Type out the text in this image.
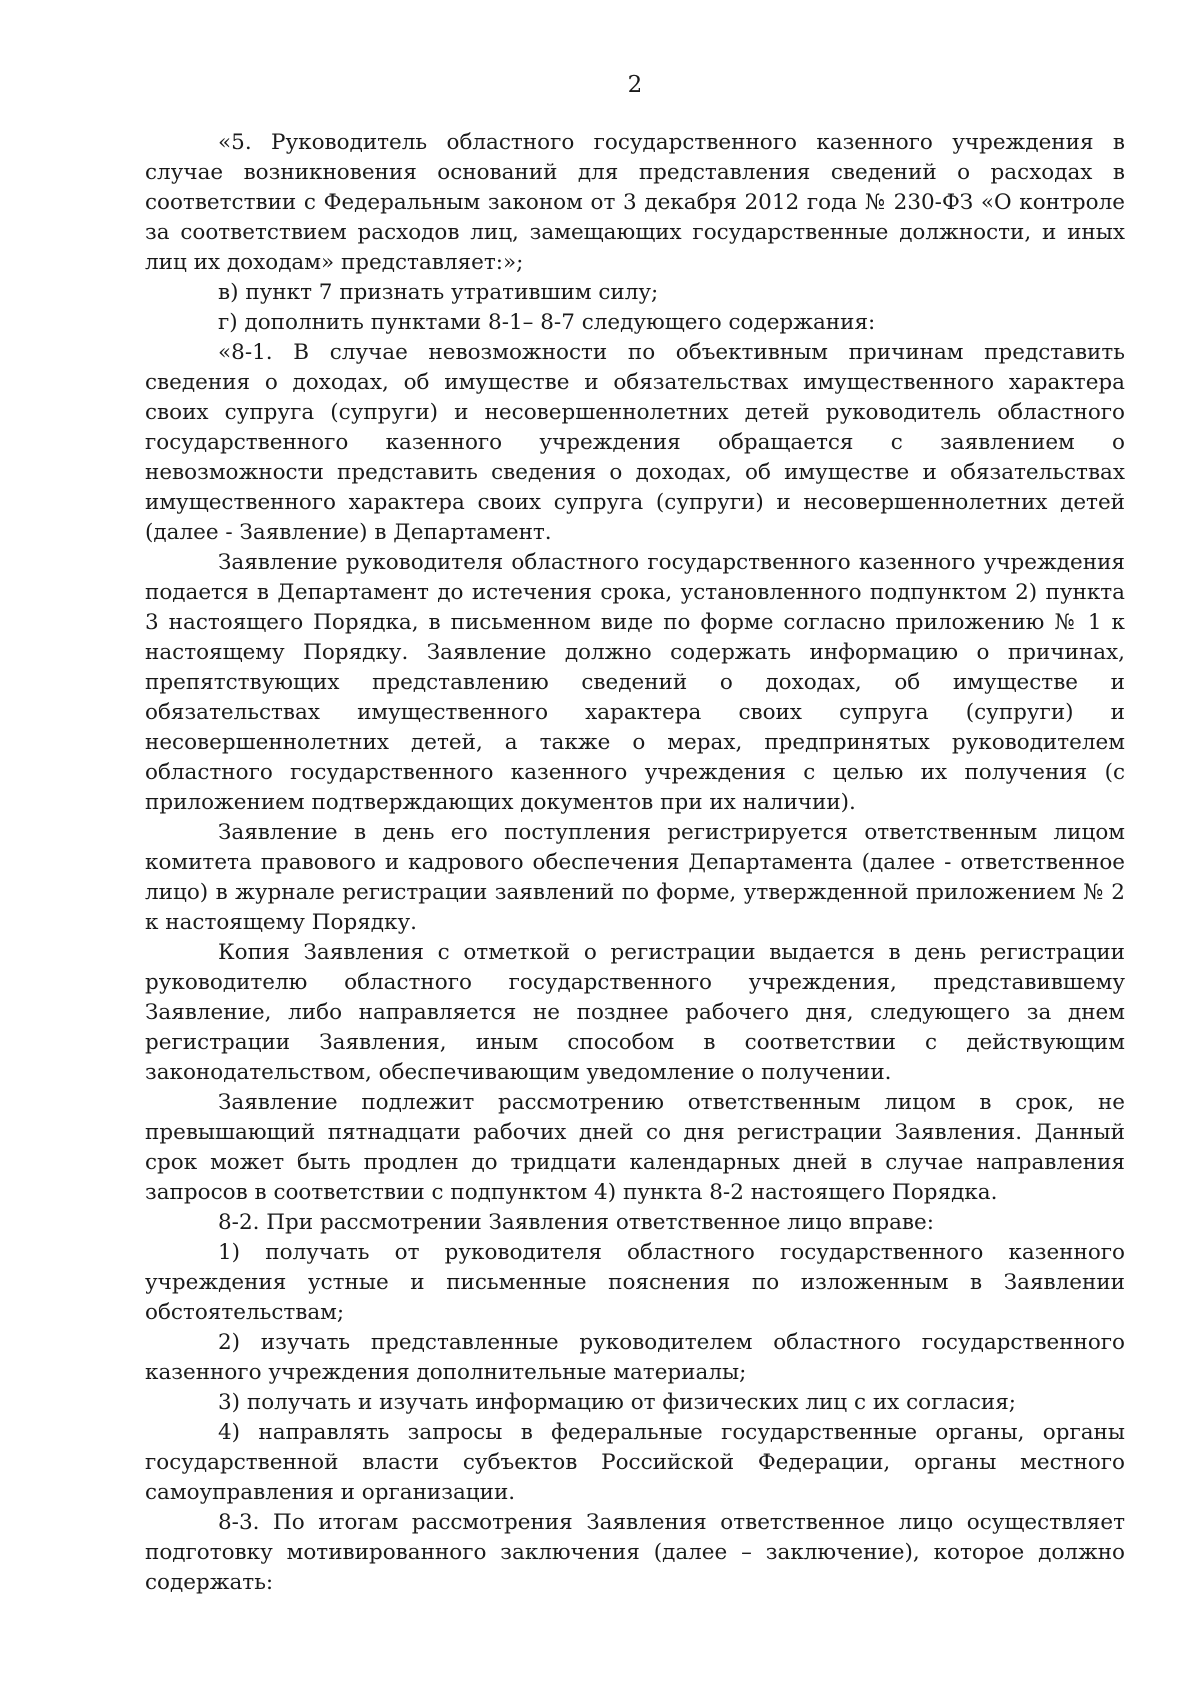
2

«5. Руководитель областного государственного казенного учреждения в случае возникновения оснований для представления сведений о расходах в соответствии с Федеральным законом от 3 декабря 2012 года № 230-ФЗ «О контроле за соответствием расходов лиц, замещающих государственные должности, и иных лиц их доходам» представляет:»;

в) пункт 7 признать утратившим силу;

г) дополнить пунктами 8-1– 8-7 следующего содержания:

«8-1. В случае невозможности по объективным причинам представить сведения о доходах, об имуществе и обязательствах имущественного характера своих супруга (супруги) и несовершеннолетних детей руководитель областного государственного казенного учреждения обращается с заявлением о невозможности представить сведения о доходах, об имуществе и обязательствах имущественного характера своих супруга (супруги) и несовершеннолетних детей (далее - Заявление) в Департамент.

Заявление руководителя областного государственного казенного учреждения подается в Департамент до истечения срока, установленного подпунктом 2) пункта 3 настоящего Порядка, в письменном виде по форме согласно приложению № 1 к настоящему Порядку. Заявление должно содержать информацию о причинах, препятствующих представлению сведений о доходах, об имуществе и обязательствах имущественного характера своих супруга (супруги) и несовершеннолетних детей, а также о мерах, предпринятых руководителем областного государственного казенного учреждения с целью их получения (с приложением подтверждающих документов при их наличии).

Заявление в день его поступления регистрируется ответственным лицом комитета правового и кадрового обеспечения Департамента (далее - ответственное лицо) в журнале регистрации заявлений по форме, утвержденной приложением № 2 к настоящему Порядку.

Копия Заявления с отметкой о регистрации выдается в день регистрации руководителю областного государственного учреждения, представившему Заявление, либо направляется не позднее рабочего дня, следующего за днем регистрации Заявления, иным способом в соответствии с действующим законодательством, обеспечивающим уведомление о получении.

Заявление подлежит рассмотрению ответственным лицом в срок, не превышающий пятнадцати рабочих дней со дня регистрации Заявления. Данный срок может быть продлен до тридцати календарных дней в случае направления запросов в соответствии с подпунктом 4) пункта 8-2 настоящего Порядка.

8-2. При рассмотрении Заявления ответственное лицо вправе:

1) получать от руководителя областного государственного казенного учреждения устные и письменные пояснения по изложенным в Заявлении обстоятельствам;

2) изучать представленные руководителем областного государственного казенного учреждения дополнительные материалы;

3) получать и изучать информацию от физических лиц с их согласия;

4) направлять запросы в федеральные государственные органы, органы государственной власти субъектов Российской Федерации, органы местного самоуправления и организации.

8-3. По итогам рассмотрения Заявления ответственное лицо осуществляет подготовку мотивированного заключения (далее – заключение), которое должно содержать:
